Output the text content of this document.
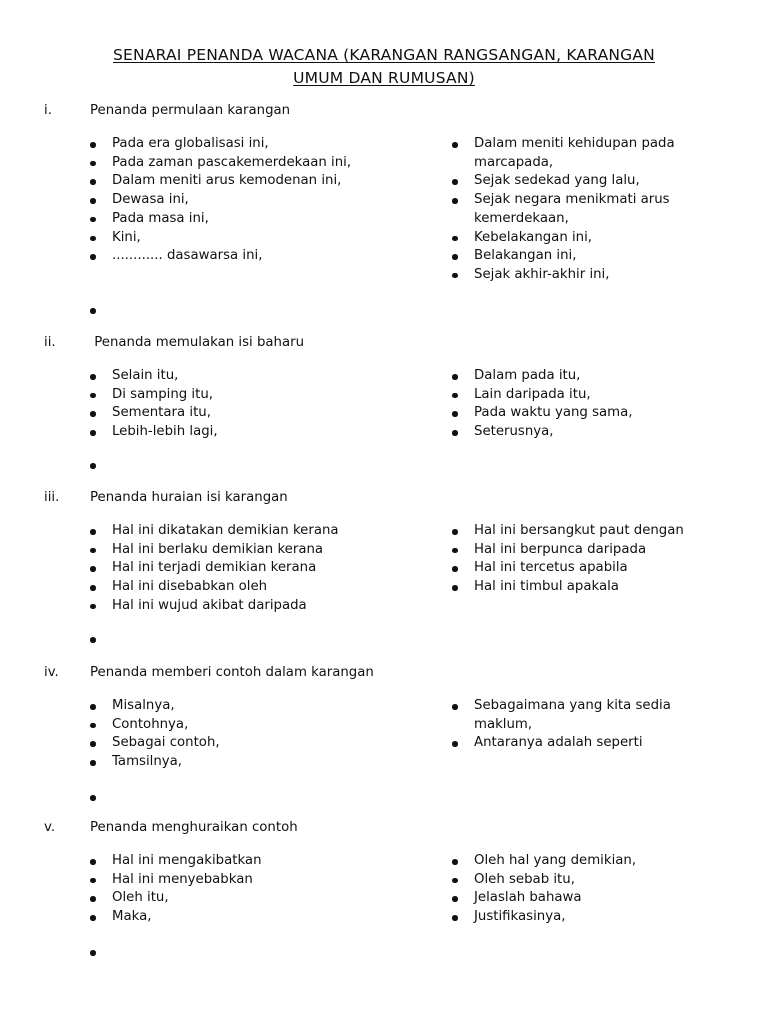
SENARAI PENANDA WACANA (KARANGAN RANGSANGAN, KARANGAN
UMUM DAN RUMUSAN)
i.	Penanda permulaan karangan
Pada era globalisasi ini,
Pada zaman pascakemerdekaan ini,
Dalam meniti arus kemodenan ini,
Dewasa ini,
Pada masa ini,
Kini,
............ dasawarsa ini,
Dalam meniti kehidupan pada marcapada,
Sejak sedekad yang lalu,
Sejak negara menikmati arus kemerdekaan,
Kebelakangan ini,
Belakangan ini,
Sejak akhir-akhir ini,
ii.	Penanda memulakan isi baharu
Selain itu,
Di samping itu,
Sementara itu,
Lebih-lebih lagi,
Dalam pada itu,
Lain daripada itu,
Pada waktu yang sama,
Seterusnya,
iii. Penanda huraian isi karangan
Hal ini dikatakan demikian kerana
Hal ini berlaku demikian kerana
Hal ini terjadi demikian kerana
Hal ini disebabkan oleh
Hal ini wujud akibat daripada
Hal ini bersangkut paut dengan
Hal ini berpunca daripada
Hal ini tercetus apabila
Hal ini timbul apakala
iv. Penanda memberi contoh dalam karangan
Misalnya,
Contohnya,
Sebagai contoh,
Tamsilnya,
Sebagaimana yang kita sedia maklum,
Antaranya adalah seperti
v.	Penanda menghuraikan contoh
Hal ini mengakibatkan
Hal ini menyebabkan
Oleh itu,
Maka,
Oleh hal yang demikian,
Oleh sebab itu,
Jelaslah bahawa
Justifikasinya,
